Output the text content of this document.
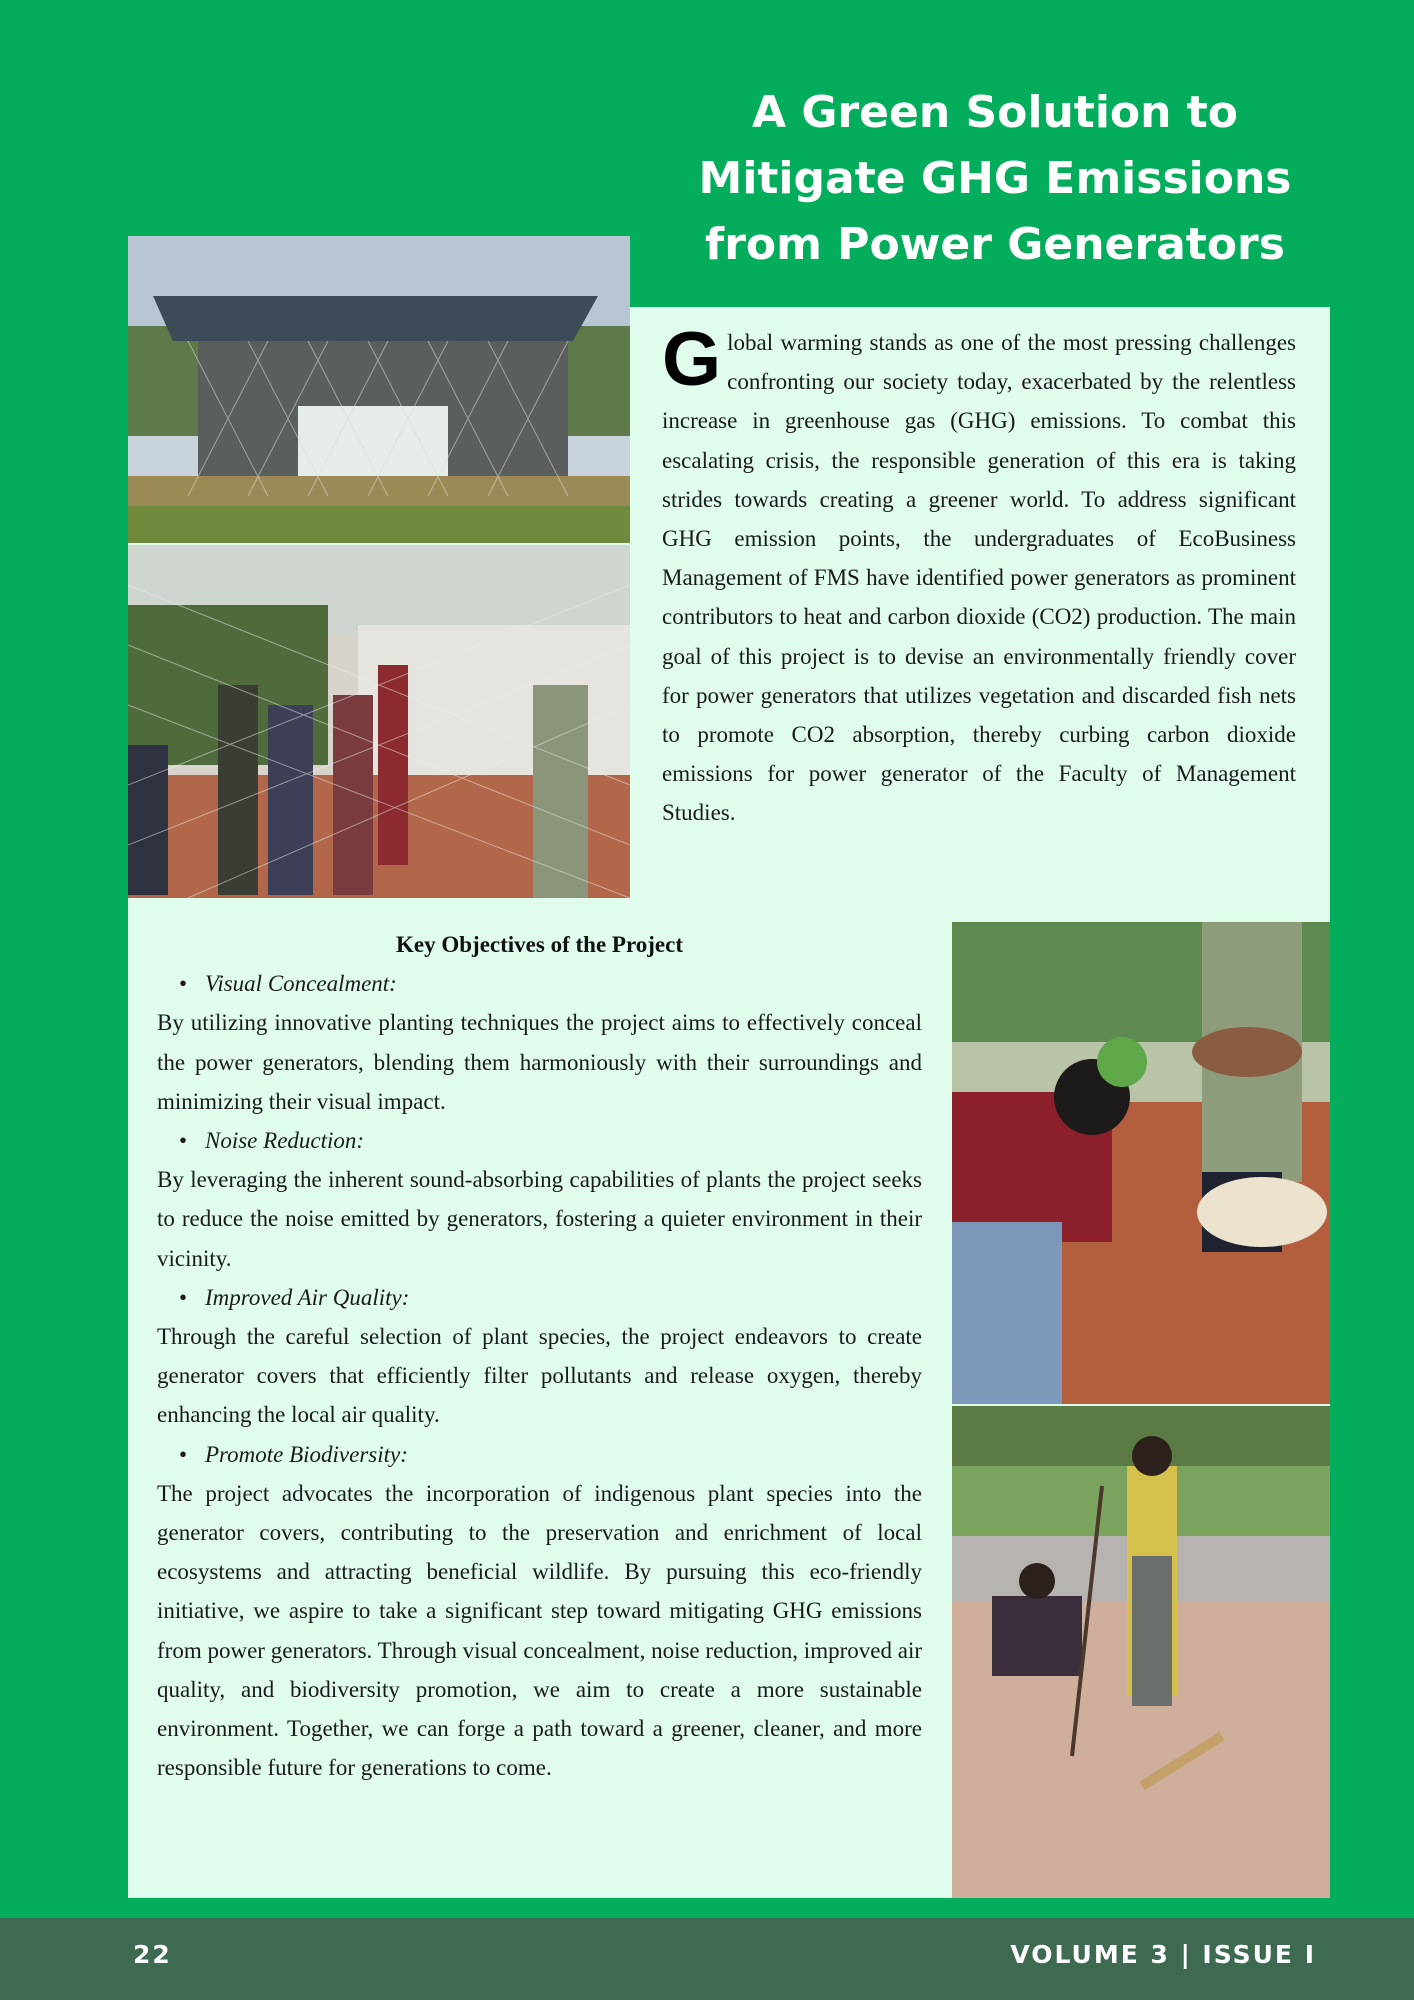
A Green Solution to Mitigate GHG Emissions from Power Generators

Global warming stands as one of the most pressing challenges confronting our society today, exacerbated by the relentless increase in greenhouse gas (GHG) emissions. To combat this escalating crisis, the responsible generation of this era is taking strides towards creating a greener world. To address significant GHG emission points, the undergraduates of EcoBusiness Management of FMS have identified power generators as prominent contributors to heat and carbon dioxide (CO2) production. The main goal of this project is to devise an environmentally friendly cover for power generators that utilizes vegetation and discarded fish nets to promote CO2 absorption, thereby curbing carbon dioxide emissions for power generator of the Faculty of Management Studies.

Key Objectives of the Project

• Visual Concealment:

By utilizing innovative planting techniques the project aims to effectively conceal the power generators, blending them harmoniously with their surroundings and minimizing their visual impact.

• Noise Reduction:

By leveraging the inherent sound-absorbing capabilities of plants the project seeks to reduce the noise emitted by generators, fostering a quieter environment in their vicinity.

• Improved Air Quality:

Through the careful selection of plant species, the project endeavors to create generator covers that efficiently filter pollutants and release oxygen, thereby enhancing the local air quality.

• Promote Biodiversity:

The project advocates the incorporation of indigenous plant species into the generator covers, contributing to the preservation and enrichment of local ecosystems and attracting beneficial wildlife. By pursuing this eco-friendly initiative, we aspire to take a significant step toward mitigating GHG emissions from power generators. Through visual concealment, noise reduction, improved air quality, and biodiversity promotion, we aim to create a more sustainable environment. Together, we can forge a path toward a greener, cleaner, and more responsible future for generations to come.

22	VOLUME 3 | ISSUE I
